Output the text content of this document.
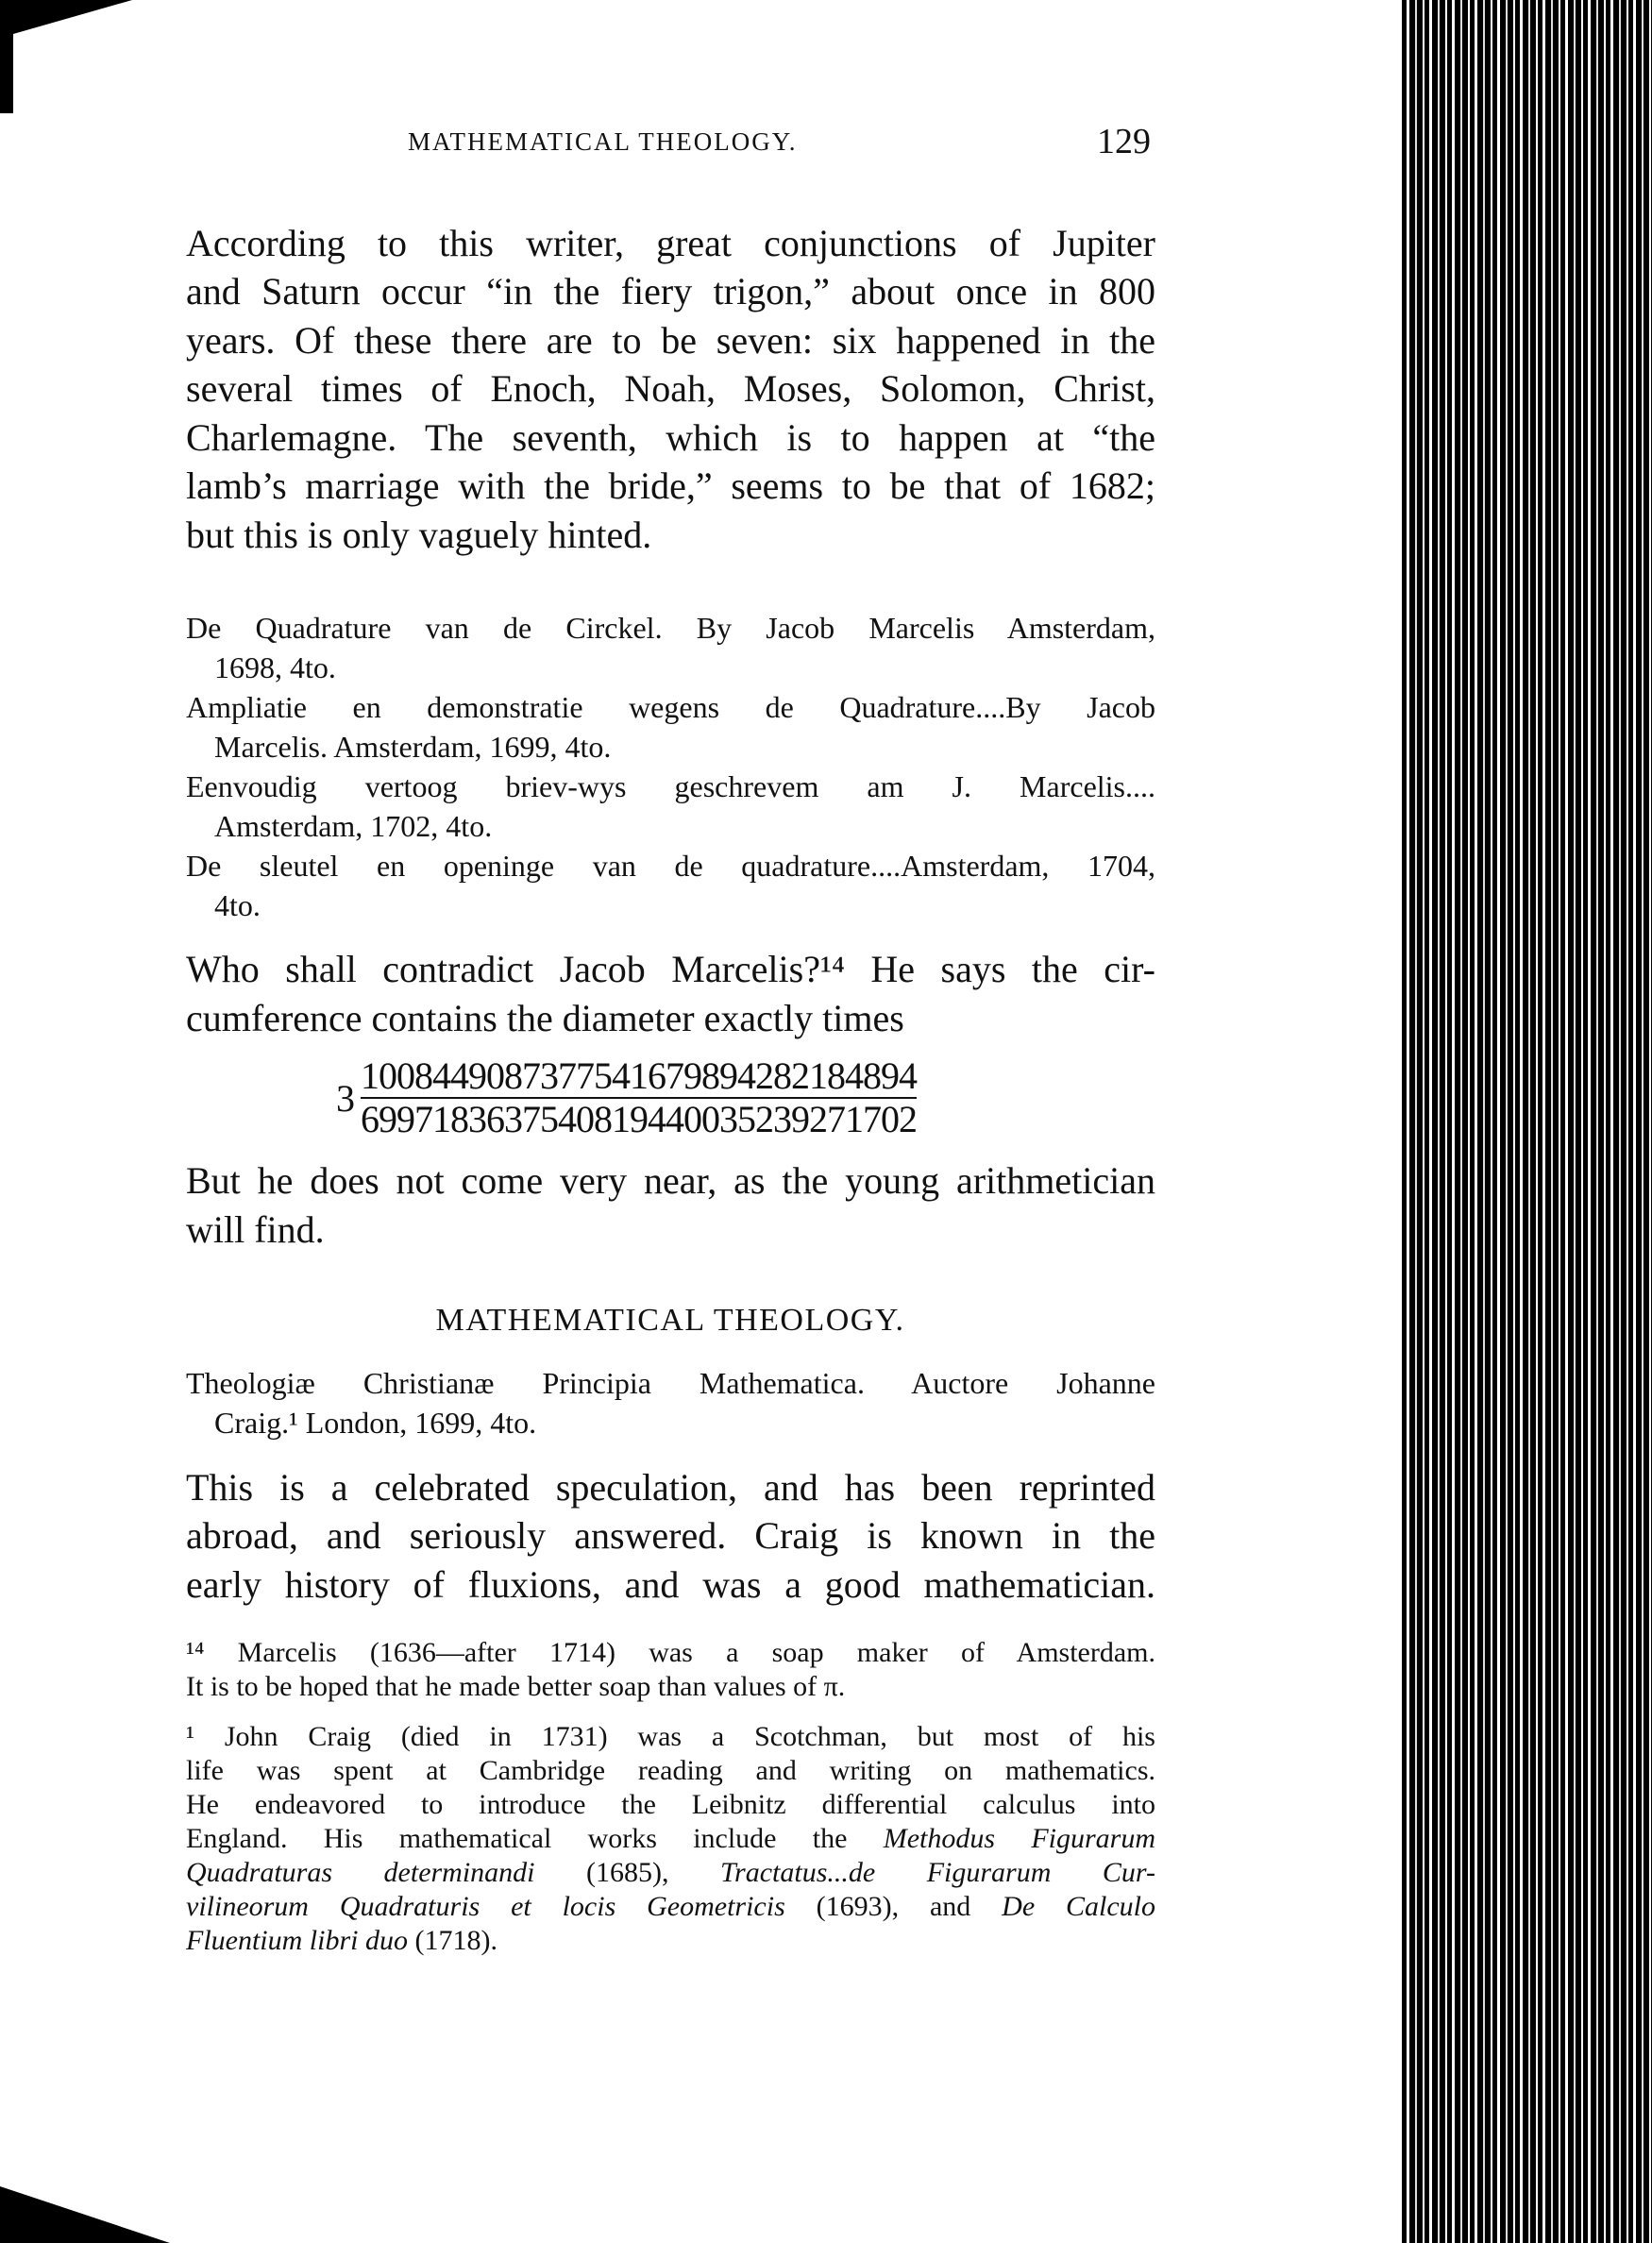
MATHEMATICAL THEOLOGY.	129
According to this writer, great conjunctions of Jupiter
and Saturn occur “in the fiery trigon,” about once in 800
years. Of these there are to be seven: six happened in the
several times of Enoch, Noah, Moses, Solomon, Christ,
Charlemagne. The seventh, which is to happen at “the
lamb’s marriage with the bride,” seems to be that of 1682;
but this is only vaguely hinted.
De Quadrature van de Circkel. By Jacob Marcelis Amsterdam,
1698, 4to.
Ampliatie en demonstratie wegens de Quadrature....By Jacob
Marcelis. Amsterdam, 1699, 4to.
Eenvoudig vertoog briev-wys geschrevem am J. Marcelis....
Amsterdam, 1702, 4to.
De sleutel en openinge van de quadrature....Amsterdam, 1704,
4to.
Who shall contradict Jacob Marcelis?¹⁴ He says the cir-
cumference contains the diameter exactly times
$3 \frac{1008449087377541679894282184894}{6997183637540819440035239271702}$
But he does not come very near, as the young arithmetician
will find.
MATHEMATICAL THEOLOGY.
Theologiæ Christianæ Principia Mathematica. Auctore Johanne
Craig.¹ London, 1699, 4to.
This is a celebrated speculation, and has been reprinted
abroad, and seriously answered. Craig is known in the
early history of fluxions, and was a good mathematician.
¹⁴ Marcelis (1636—after 1714) was a soap maker of Amsterdam.
It is to be hoped that he made better soap than values of π.
¹ John Craig (died in 1731) was a Scotchman, but most of his
life was spent at Cambridge reading and writing on mathematics.
He endeavored to introduce the Leibnitz differential calculus into
England. His mathematical works include the Methodus Figurarum
Quadraturas determinandi (1685), Tractatus...de Figurarum Cur-
vilineorum Quadraturis et locis Geometricis (1693), and De Calculo
Fluentium libri duo (1718).
